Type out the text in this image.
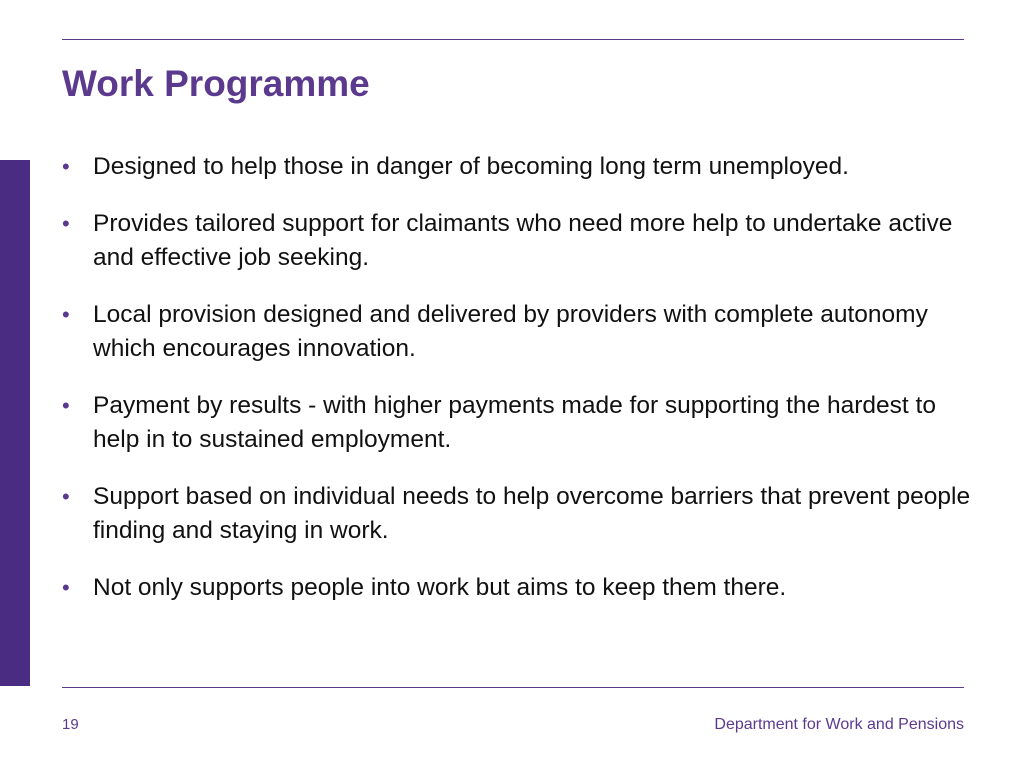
Work Programme
• Designed to help those in danger of becoming long term unemployed.
• Provides tailored support for claimants who need more help to undertake active and effective job seeking.
• Local provision designed and delivered by providers with complete autonomy which encourages innovation.
• Payment by results - with higher payments made for supporting the hardest to help in to sustained employment.
• Support based on individual needs to help overcome barriers that prevent people finding and staying in work.
• Not only supports people into work but aims to keep them there.
19	Department for Work and Pensions
